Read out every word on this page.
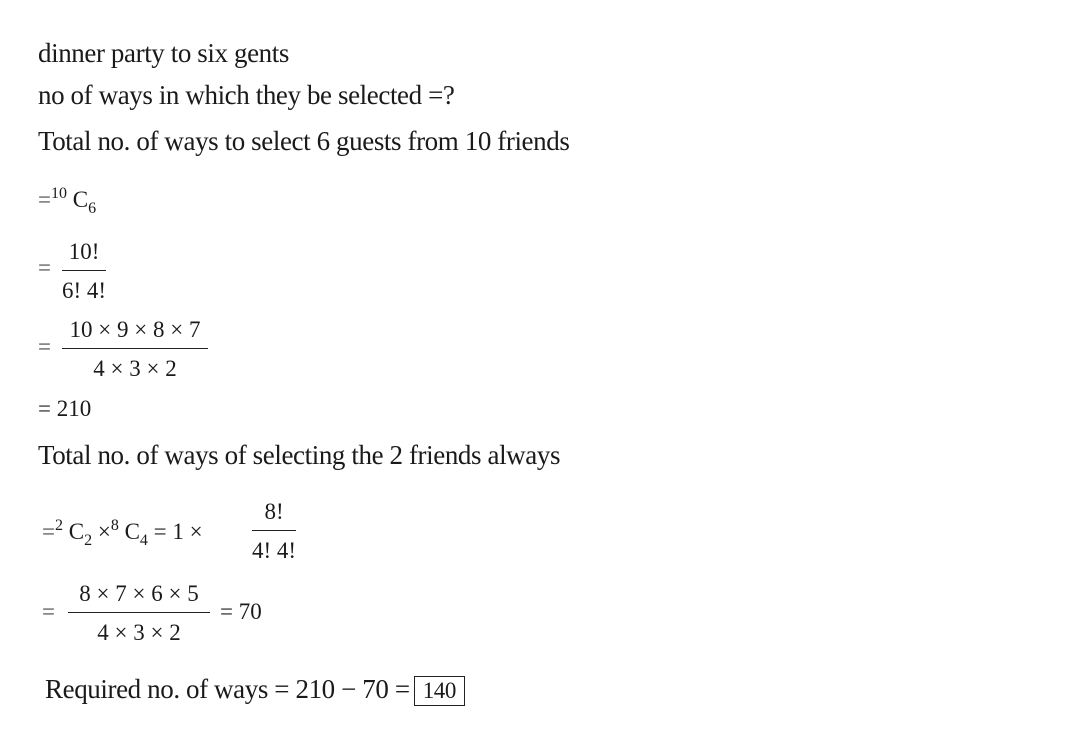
dinner party to six gents
no of ways in which they be selected =?
Total no. of ways to select 6 guests from 10 friends
=$^{10}$ $C_6$
=
10!
6! 4!
=
10 × 9 × 8 × 7
4 × 3 × 2
= 210
Total no. of ways of selecting the 2 friends always
=$^2$ $C_2 \times^8$ $C_4 = 1$ ×
8!
4! 4!
=
8 × 7 × 6 × 5
4 × 3 × 2
= 70
Required no. of ways = 210 − 70 = 140
